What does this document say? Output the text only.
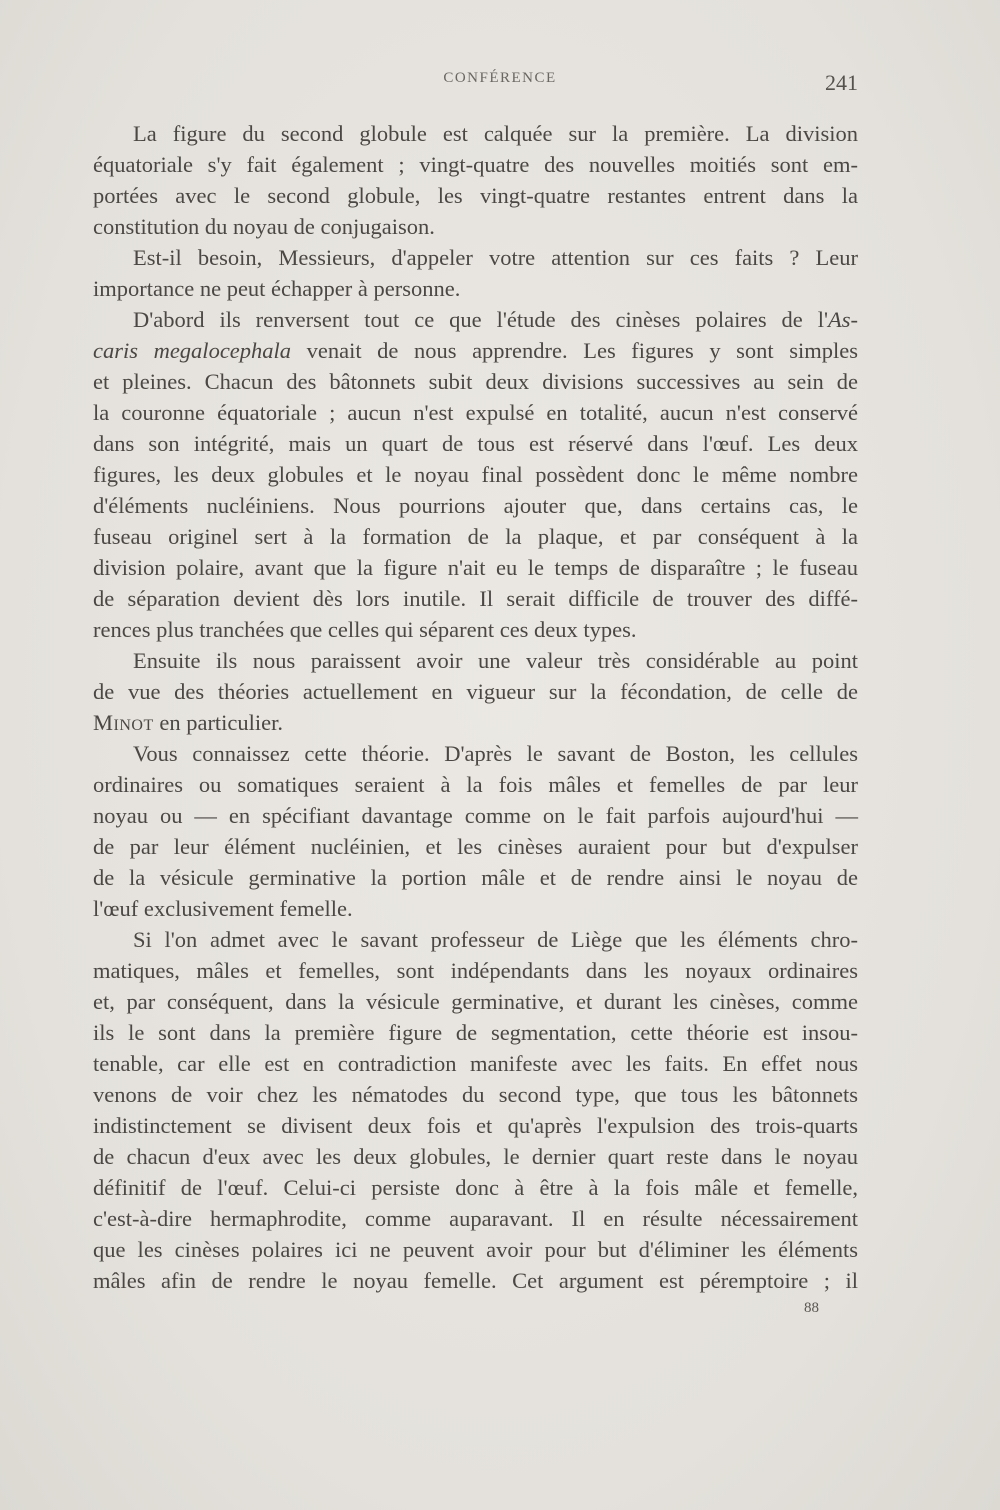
CONFÉRENCE	241
La figure du second globule est calquée sur la première. La division
équatoriale s'y fait également ; vingt-quatre des nouvelles moitiés sont em-
portées avec le second globule, les vingt-quatre restantes entrent dans la
constitution du noyau de conjugaison.
Est-il besoin, Messieurs, d'appeler votre attention sur ces faits ? Leur
importance ne peut échapper à personne.
D'abord ils renversent tout ce que l'étude des cinèses polaires de l'As-
caris megalocephala venait de nous apprendre. Les figures y sont simples
et pleines. Chacun des bâtonnets subit deux divisions successives au sein de
la couronne équatoriale ; aucun n'est expulsé en totalité, aucun n'est conservé
dans son intégrité, mais un quart de tous est réservé dans l'œuf. Les deux
figures, les deux globules et le noyau final possèdent donc le même nombre
d'éléments nucléiniens. Nous pourrions ajouter que, dans certains cas, le
fuseau originel sert à la formation de la plaque, et par conséquent à la
division polaire, avant que la figure n'ait eu le temps de disparaître ; le fuseau
de séparation devient dès lors inutile. Il serait difficile de trouver des diffé-
rences plus tranchées que celles qui séparent ces deux types.
Ensuite ils nous paraissent avoir une valeur très considérable au point
de vue des théories actuellement en vigueur sur la fécondation, de celle de
Minot en particulier.
Vous connaissez cette théorie. D'après le savant de Boston, les cellules
ordinaires ou somatiques seraient à la fois mâles et femelles de par leur
noyau ou — en spécifiant davantage comme on le fait parfois aujourd'hui —
de par leur élément nucléinien, et les cinèses auraient pour but d'expulser
de la vésicule germinative la portion mâle et de rendre ainsi le noyau de
l'œuf exclusivement femelle.
Si l'on admet avec le savant professeur de Liège que les éléments chro-
matiques, mâles et femelles, sont indépendants dans les noyaux ordinaires
et, par conséquent, dans la vésicule germinative, et durant les cinèses, comme
ils le sont dans la première figure de segmentation, cette théorie est insou-
tenable, car elle est en contradiction manifeste avec les faits. En effet nous
venons de voir chez les nématodes du second type, que tous les bâtonnets
indistinctement se divisent deux fois et qu'après l'expulsion des trois-quarts
de chacun d'eux avec les deux globules, le dernier quart reste dans le noyau
définitif de l'œuf. Celui-ci persiste donc à être à la fois mâle et femelle,
c'est-à-dire hermaphrodite, comme auparavant. Il en résulte nécessairement
que les cinèses polaires ici ne peuvent avoir pour but d'éliminer les éléments
mâles afin de rendre le noyau femelle. Cet argument est péremptoire ; il
88
